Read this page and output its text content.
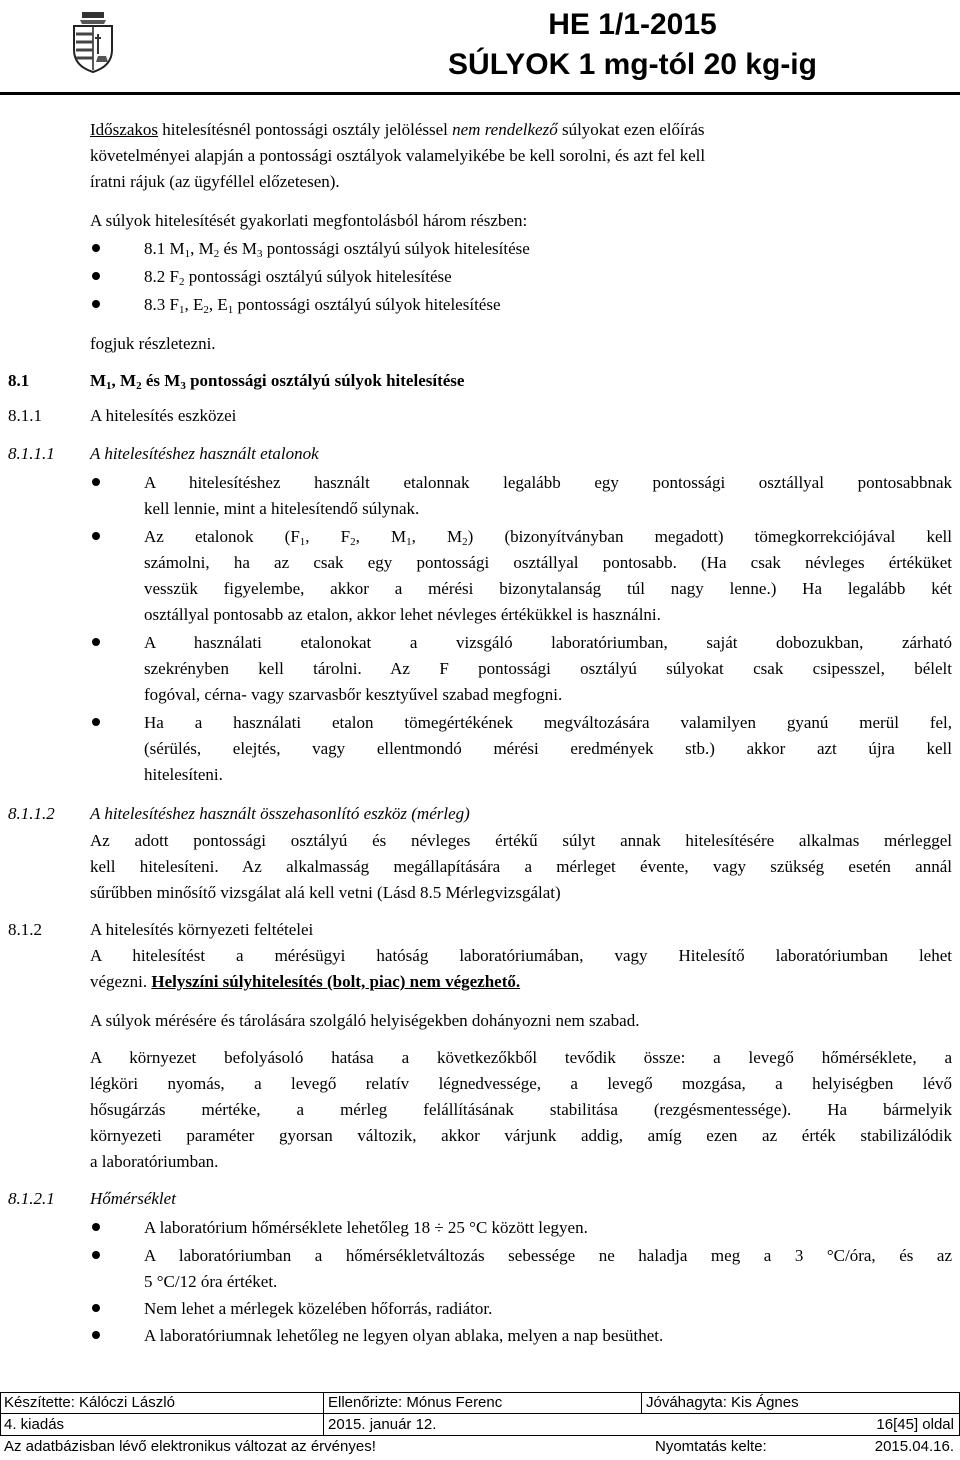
HE 1/1-2015
SÚLYOK 1 mg-tól 20 kg-ig
Időszakos hitelesítésnél pontossági osztály jelöléssel nem rendelkező súlyokat ezen előírás
követelményei alapján a pontossági osztályok valamelyikébe be kell sorolni, és azt fel kell
íratni rájuk (az ügyféllel előzetesen).
A súlyok hitelesítését gyakorlati megfontolásból három részben:
8.1 $M_1$, $M_2$ és $M_3$ pontossági osztályú súlyok hitelesítése
8.2 $F_2$ pontossági osztályú súlyok hitelesítése
8.3 $F_1$, $E_2$, $E_1$ pontossági osztályú súlyok hitelesítése
fogjuk részletezni.
8.1	$M_1$, $M_2$ és $M_3$ pontossági osztályú súlyok hitelesítése
8.1.1	A hitelesítés eszközei
8.1.1.1 A hitelesítéshez használt etalonok
A hitelesítéshez használt etalonnak legalább egy pontossági osztállyal pontosabbnak
kell lennie, mint a hitelesítendő súlynak.
Az etalonok ($F_1$, $F_2$, $M_1$, $M_2$) (bizonyítványban megadott) tömegkorrekciójával kell
számolni, ha az csak egy pontossági osztállyal pontosabb. (Ha csak névleges értéküket
vesszük figyelembe, akkor a mérési bizonytalanság túl nagy lenne.) Ha legalább két
osztállyal pontosabb az etalon, akkor lehet névleges értékükkel is használni.
A használati etalonokat a vizsgáló laboratóriumban, saját dobozukban, zárható
szekrényben kell tárolni. Az F pontossági osztályú súlyokat csak csipesszel, bélelt
fogóval, cérna- vagy szarvasbőr kesztyűvel szabad megfogni.
Ha a használati etalon tömegértékének megváltozására valamilyen gyanú merül fel,
(sérülés, elejtés, vagy ellentmondó mérési eredmények stb.) akkor azt újra kell
hitelesíteni.
8.1.1.2 A hitelesítéshez használt összehasonlító eszköz (mérleg)
Az adott pontossági osztályú és névleges értékű súlyt annak hitelesítésére alkalmas mérleggel
kell hitelesíteni. Az alkalmasság megállapítására a mérleget évente, vagy szükség esetén annál
sűrűbben minősítő vizsgálat alá kell vetni (Lásd 8.5 Mérlegvizsgálat)
8.1.2	A hitelesítés környezeti feltételei
A hitelesítést a mérésügyi hatóság laboratóriumában, vagy Hitelesítő laboratóriumban lehet
végezni. Helyszíni súlyhitelesítés (bolt, piac) nem végezhető.
A súlyok mérésére és tárolására szolgáló helyiségekben dohányozni nem szabad.
A környezet befolyásoló hatása a következőkből tevődik össze: a levegő hőmérséklete, a
légköri nyomás, a levegő relatív légnedvessége, a levegő mozgása, a helyiségben lévő
hősugárzás mértéke, a mérleg felállításának stabilitása (rezgésmentessége). Ha bármelyik
környezeti paraméter gyorsan változik, akkor várjunk addig, amíg ezen az érték stabilizálódik
a laboratóriumban.
8.1.2.1 Hőmérséklet
A laboratórium hőmérséklete lehetőleg 18 ÷ 25 °C között legyen.
A laboratóriumban a hőmérsékletváltozás sebessége ne haladja meg a 3 °C/óra, és az
5 °C/12 óra értéket.
Nem lehet a mérlegek közelében hőforrás, radiátor.
A laboratóriumnak lehetőleg ne legyen olyan ablaka, melyen a nap besüthet.
Készítette: Kálóczi László	Ellenőrizte: Mónus Ferenc	Jóváhagyta: Kis Ágnes
4. kiadás	2015. január 12.	16[45] oldal
Az adatbázisban lévő elektronikus változat az érvényes!	Nyomtatás kelte:	2015.04.16.
